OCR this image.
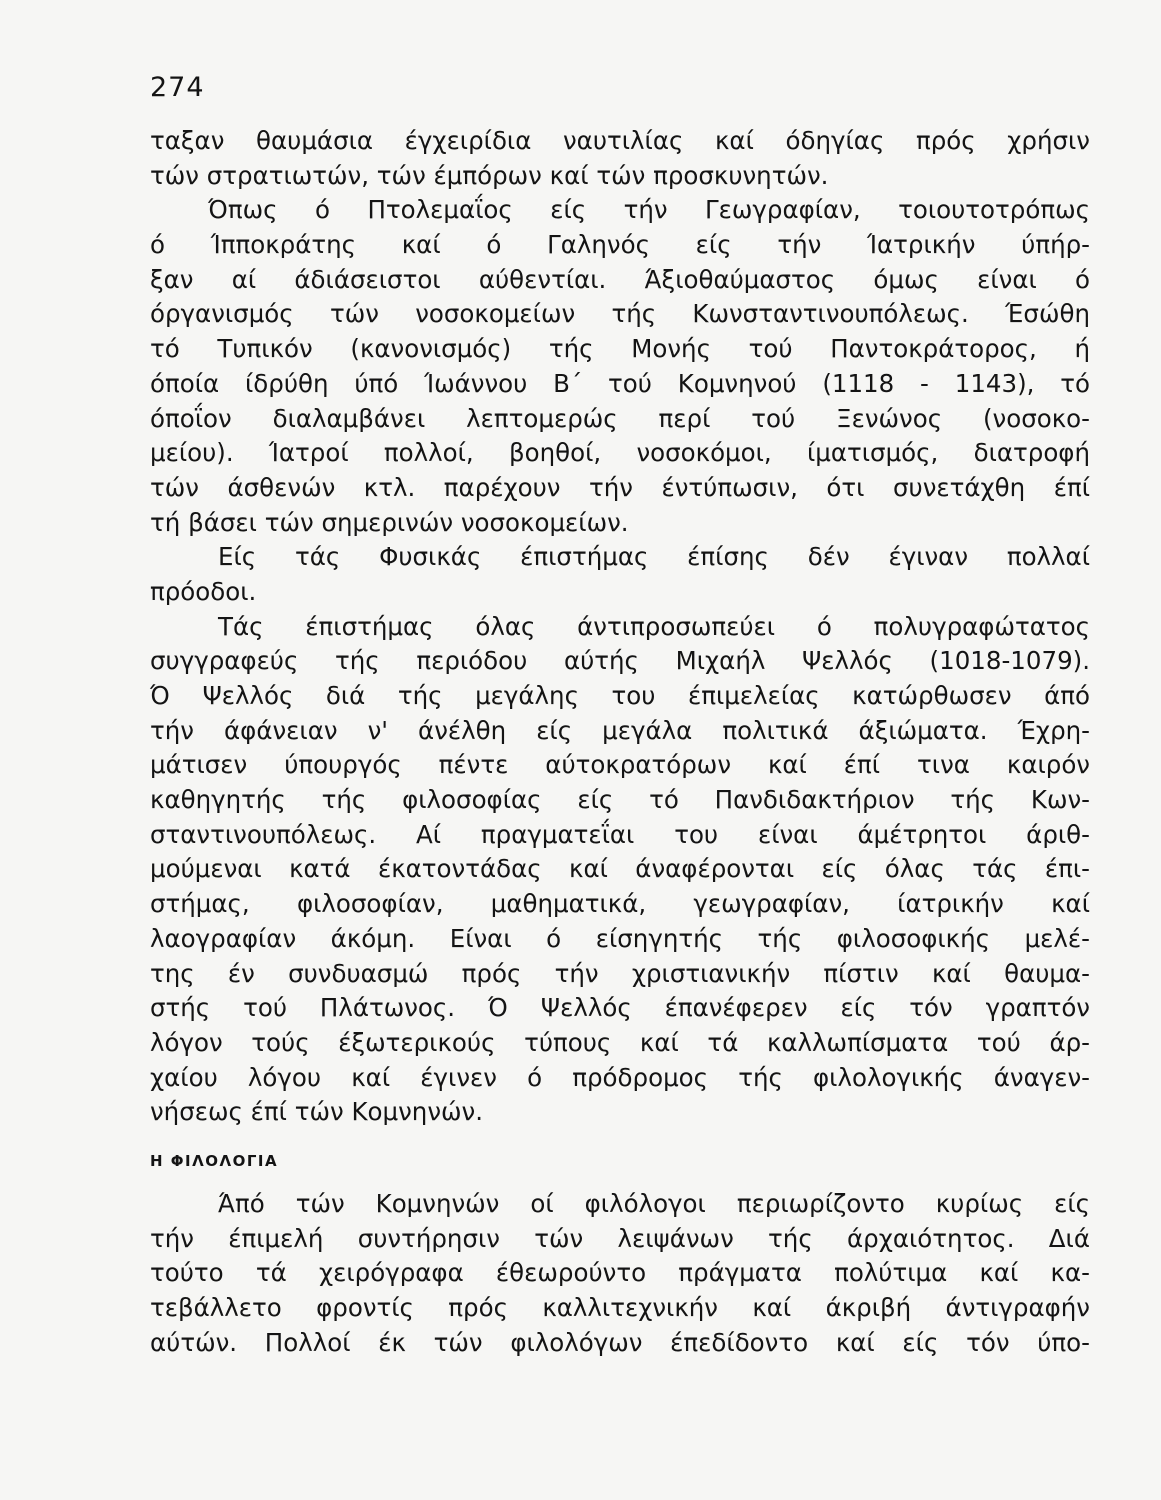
274
ταξαν θαυμάσια έγχειρίδια ναυτιλίας καί όδηγίας πρός χρήσιν
τών στρατιωτών, τών έμπόρων καί τών προσκυνητών.
Όπως ό Πτολεμαΐος είς τήν Γεωγραφίαν, τοιουτοτρόπως
ό Ίπποκράτης καί ό Γαληνός είς τήν Ίατρικήν ύπήρ-
ξαν αί άδιάσειστοι αύθεντίαι. Άξιοθαύμαστος όμως είναι ό
όργανισμός τών νοσοκομείων τής Κωνσταντινουπόλεως. Έσώθη
τό Τυπικόν (κανονισμός) τής Μονής τού Παντοκράτορος, ή
όποία ίδρύθη ύπό Ίωάννου Β΄ τού Κομνηνού (1118 - 1143), τό
όποΐον διαλαμβάνει λεπτομερώς περί τού Ξενώνος (νοσοκο-
μείου). Ίατροί πολλοί, βοηθοί, νοσοκόμοι, ίματισμός, διατροφή
τών άσθενών κτλ. παρέχουν τήν έντύπωσιν, ότι συνετάχθη έπί
τή βάσει τών σημερινών νοσοκομείων.
Είς τάς Φυσικάς έπιστήμας έπίσης δέν έγιναν πολλαί
πρόοδοι.
Τάς έπιστήμας όλας άντιπροσωπεύει ό πολυγραφώτατος
συγγραφεύς τής περιόδου αύτής Μιχαήλ Ψελλός (1018-1079).
Ό Ψελλός διά τής μεγάλης του έπιμελείας κατώρθωσεν άπό
τήν άφάνειαν ν' άνέλθη είς μεγάλα πολιτικά άξιώματα. Έχρη-
μάτισεν ύπουργός πέντε αύτοκρατόρων καί έπί τινα καιρόν
καθηγητής τής φιλοσοφίας είς τό Πανδιδακτήριον τής Κων-
σταντινουπόλεως. Αί πραγματεΐαι του είναι άμέτρητοι άριθ-
μούμεναι κατά έκατοντάδας καί άναφέρονται είς όλας τάς έπι-
στήμας, φιλοσοφίαν, μαθηματικά, γεωγραφίαν, ίατρικήν καί
λαογραφίαν άκόμη. Είναι ό είσηγητής τής φιλοσοφικής μελέ-
της έν συνδυασμώ πρός τήν χριστιανικήν πίστιν καί θαυμα-
στής τού Πλάτωνος. Ό Ψελλός έπανέφερεν είς τόν γραπτόν
λόγον τούς έξωτερικούς τύπους καί τά καλλωπίσματα τού άρ-
χαίου λόγου καί έγινεν ό πρόδρομος τής φιλολογικής άναγεν-
νήσεως έπί τών Κομνηνών.
Η ΦΙΛΟΛΟΓΙΑ
Άπό τών Κομνηνών οί φιλόλογοι περιωρίζοντο κυρίως είς
τήν έπιμελή συντήρησιν τών λειψάνων τής άρχαιότητος. Διά
τούτο τά χειρόγραφα έθεωρούντο πράγματα πολύτιμα καί κα-
τεβάλλετο φροντίς πρός καλλιτεχνικήν καί άκριβή άντιγραφήν
αύτών. Πολλοί έκ τών φιλολόγων έπεδίδοντο καί είς τόν ύπο-
